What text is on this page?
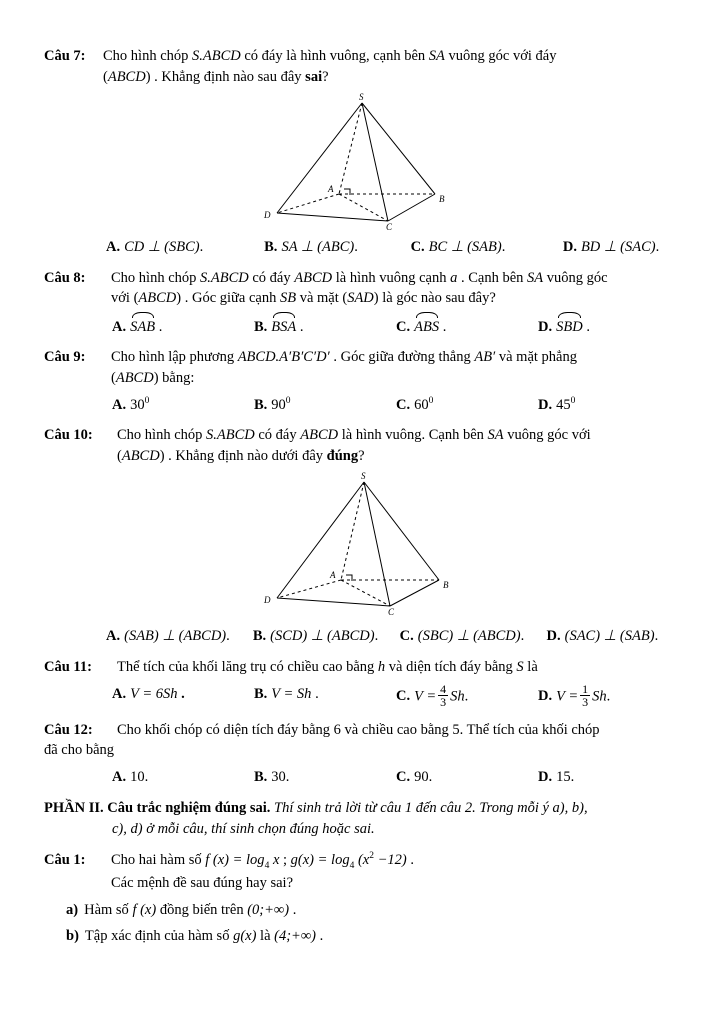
Câu 7:	Cho hình chóp S.ABCD có đáy là hình vuông, cạnh bên SA vuông góc với đáy
(ABCD) . Khẳng định nào sau đây sai?
S
A
B
C
D
A. CD ⊥ (SBC).	B. SA ⊥ (ABC).	C. BC ⊥ (SAB).	D. BD ⊥ (SAC).
Câu 8:	Cho hình chóp S.ABCD có đáy ABCD là hình vuông cạnh a . Cạnh bên SA vuông góc
với (ABCD) . Góc giữa cạnh SB và mặt (SAD) là góc nào sau đây?
A. SAB .	B. BSA .	C. ABS .	D. SBD .
Câu 9:	Cho hình lập phương ABCD.A′B′C′D′ . Góc giữa đường thẳng AB′ và mặt phẳng
(ABCD) bằng:
A. $30^0$	B. $90^0$	C. $60^0$	D. $45^0$
Câu 10:	Cho hình chóp S.ABCD có đáy ABCD là hình vuông. Cạnh bên SA vuông góc với
(ABCD) . Khẳng định nào dưới đây đúng?
S
A
B
C
D
A. (SAB) ⊥ (ABCD).	B. (SCD) ⊥ (ABCD).	C. (SBC) ⊥ (ABCD).	D. (SAC) ⊥ (SAB).
Câu 11:	Thể tích của khối lăng trụ có chiều cao bằng h và diện tích đáy bằng S là
A. V = 6Sh .	B. V = Sh .	C. $V = \frac{4}{3} Sh$.	D. $V = \frac{1}{3} Sh$.
Câu 12:	Cho khối chóp có diện tích đáy bằng 6 và chiều cao bằng 5. Thể tích của khối chóp
đã cho bằng
A. 10.	B. 30.	C. 90.	D. 15.
PHẦN II. Câu trắc nghiệm đúng sai. Thí sinh trả lời từ câu 1 đến câu 2. Trong mỗi ý a), b),
c), d) ở mỗi câu, thí sinh chọn đúng hoặc sai.
Câu 1:	Cho hai hàm số f $(x) = \log_4 x$ ; $g(x) = \log_4 (x^2 -12)$ .
Các mệnh đề sau đúng hay sai?
a) Hàm số f (x) đồng biến trên (0;+∞) .
b) Tập xác định của hàm số g(x) là (4;+∞) .
